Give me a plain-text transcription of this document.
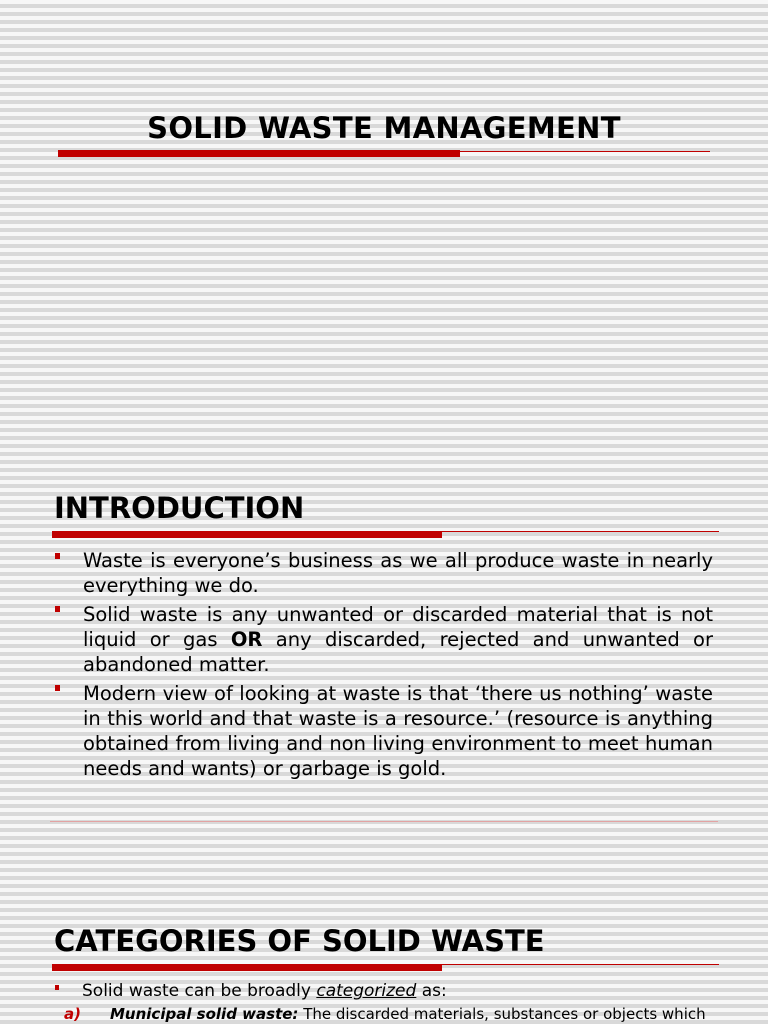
SOLID WASTE MANAGEMENT
INTRODUCTION
Waste is everyone’s business as we all produce waste in nearly everything we do.
Solid waste is any unwanted or discarded material that is not liquid or gas OR any discarded, rejected and unwanted or abandoned matter.
Modern view of looking at waste is that ‘there us nothing’ waste in this world and that waste is a resource.’ (resource is anything obtained from living and non living environment to meet human needs and wants) or garbage is gold.
CATEGORIES OF SOLID WASTE
Solid waste can be broadly categorized as:
a) Municipal solid waste: The discarded materials, substances or objects which
